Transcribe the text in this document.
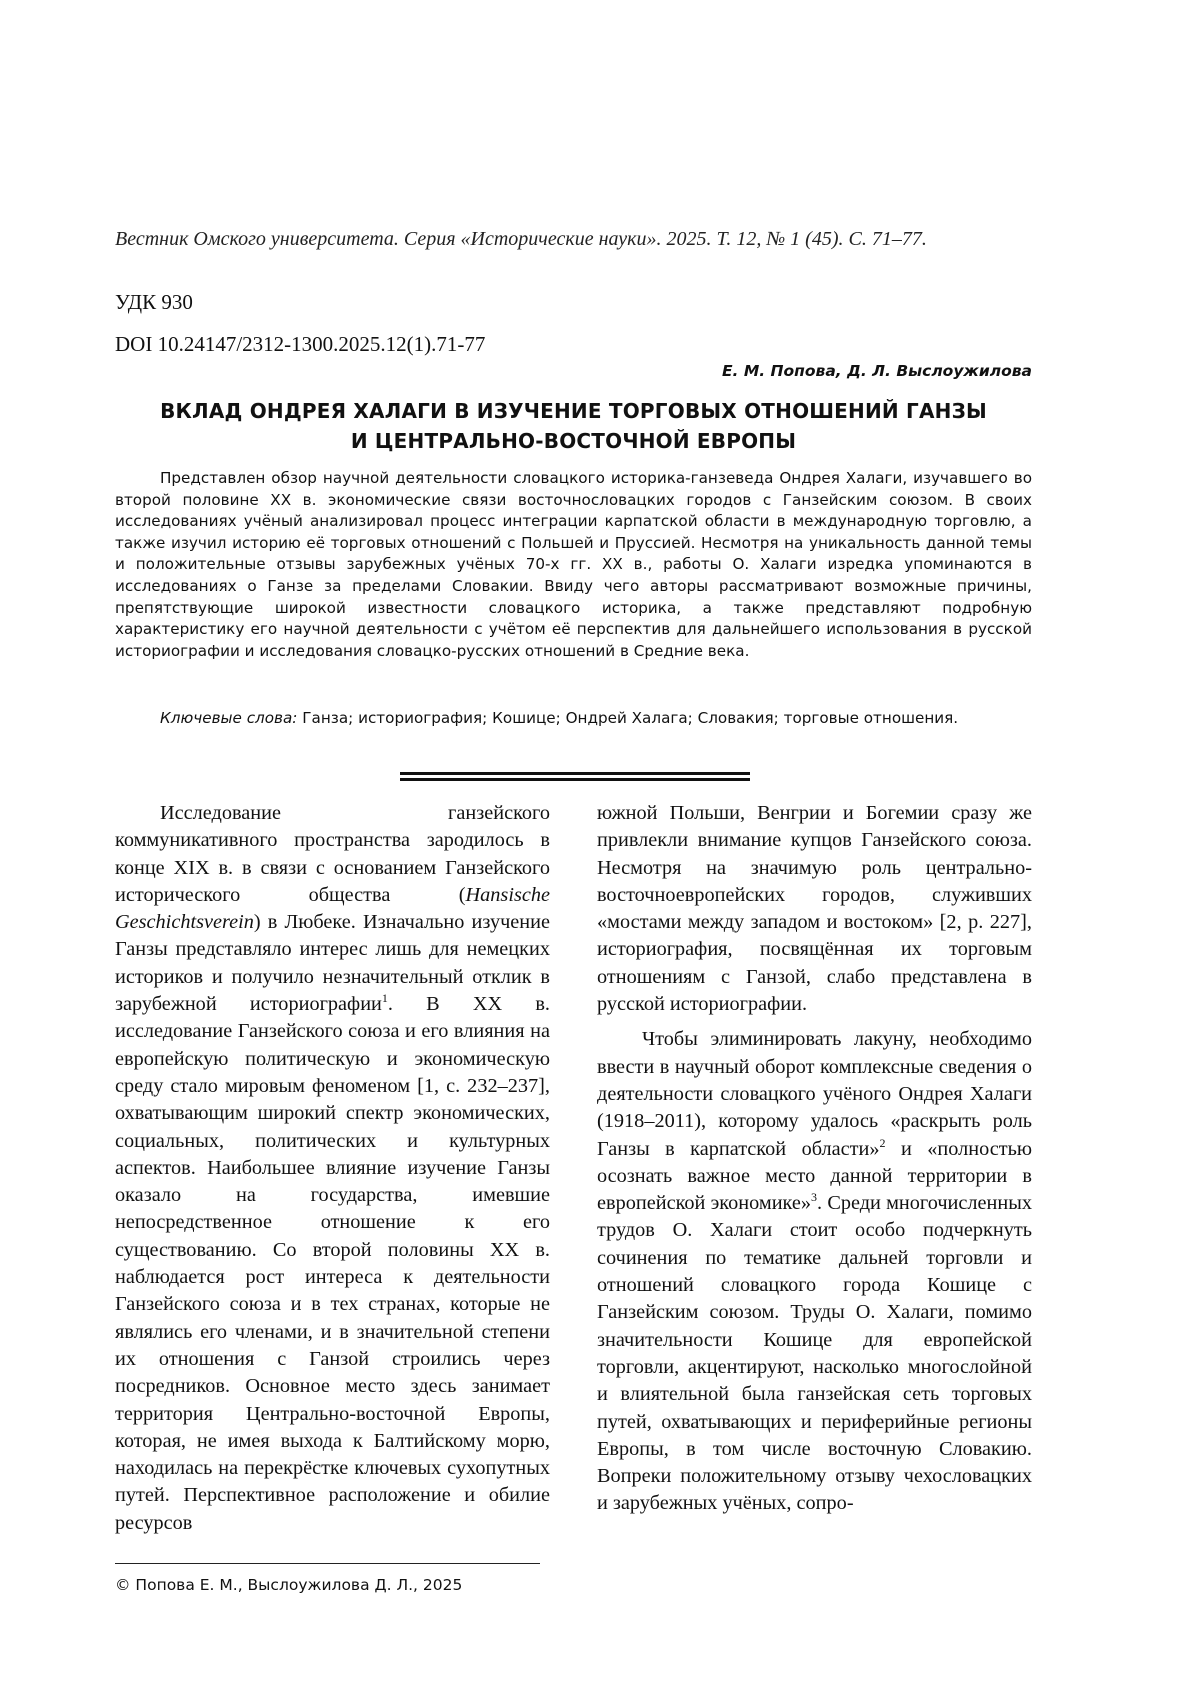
Вестник Омского университета. Серия «Исторические науки». 2025. Т. 12, № 1 (45). С. 71–77.
УДК 930
DOI 10.24147/2312-1300.2025.12(1).71-77
Е. М. Попова, Д. Л. Выслоужилова
ВКЛАД ОНДРЕЯ ХАЛАГИ В ИЗУЧЕНИЕ ТОРГОВЫХ ОТНОШЕНИЙ ГАНЗЫ
И ЦЕНТРАЛЬНО-ВОСТОЧНОЙ ЕВРОПЫ

Представлен обзор научной деятельности словацкого историка-ганзеведа Ондрея Халаги, изучавшего во второй половине XX в. экономические связи восточнословацких городов с Ганзейским союзом. В своих исследованиях учёный анализировал процесс интеграции карпатской области в международную торговлю, а также изучил историю её торговых отношений с Польшей и Пруссией. Несмотря на уникальность данной темы и положительные отзывы зарубежных учёных 70-х гг. XX в., работы О. Халаги изредка упоминаются в исследованиях о Ганзе за пределами Словакии. Ввиду чего авторы рассматривают возможные причины, препятствующие широкой известности словацкого историка, а также представляют подробную характеристику его научной деятельности с учётом её перспектив для дальнейшего использования в русской историографии и исследования словацко-русских отношений в Средние века.

Ключевые слова: Ганза; историография; Кошице; Ондрей Халага; Словакия; торговые отношения.

Исследование ганзейского коммуникативного пространства зародилось в конце XIX в. в связи с основанием Ганзейского исторического общества (Hansische Geschichtsverein) в Любеке. Изначально изучение Ганзы представляло интерес лишь для немецких историков и получило незначительный отклик в зарубежной историографии$^1$. В XX в. исследование Ганзейского союза и его влияния на европейскую политическую и экономическую среду стало мировым феноменом [1, с. 232–237], охватывающим широкий спектр экономических, социальных, политических и культурных аспектов. Наибольшее влияние изучение Ганзы оказало на государства, имевшие непосредственное отношение к его существованию. Со второй половины XX в. наблюдается рост интереса к деятельности Ганзейского союза и в тех странах, которые не являлись его членами, и в значительной степени их отношения с Ганзой строились через посредников. Основное место здесь занимает территория Центрально-восточной Европы, которая, не имея выхода к Балтийскому морю, находилась на перекрёстке ключевых сухопутных путей. Перспективное расположение и обилие ресурсов

южной Польши, Венгрии и Богемии сразу же привлекли внимание купцов Ганзейского союза. Несмотря на значимую роль центрально-восточноевропейских городов, служивших «мостами между западом и востоком» [2, p. 227], историография, посвящённая их торговым отношениям с Ганзой, слабо представлена в русской историографии.

Чтобы элиминировать лакуну, необходимо ввести в научный оборот комплексные сведения о деятельности словацкого учёного Ондрея Халаги (1918–2011), которому удалось «раскрыть роль Ганзы в карпатской области»$^2$ и «полностью осознать важное место данной территории в европейской экономике»$^3$. Среди многочисленных трудов О. Халаги стоит особо подчеркнуть сочинения по тематике дальней торговли и отношений словацкого города Кошице с Ганзейским союзом. Труды О. Халаги, помимо значительности Кошице для европейской торговли, акцентируют, насколько многослойной и влиятельной была ганзейская сеть торговых путей, охватывающих и периферийные регионы Европы, в том числе восточную Словакию. Вопреки положительному отзыву чехословацких и зарубежных учёных, сопро-

© Попова Е. М., Выслоужилова Д. Л., 2025
